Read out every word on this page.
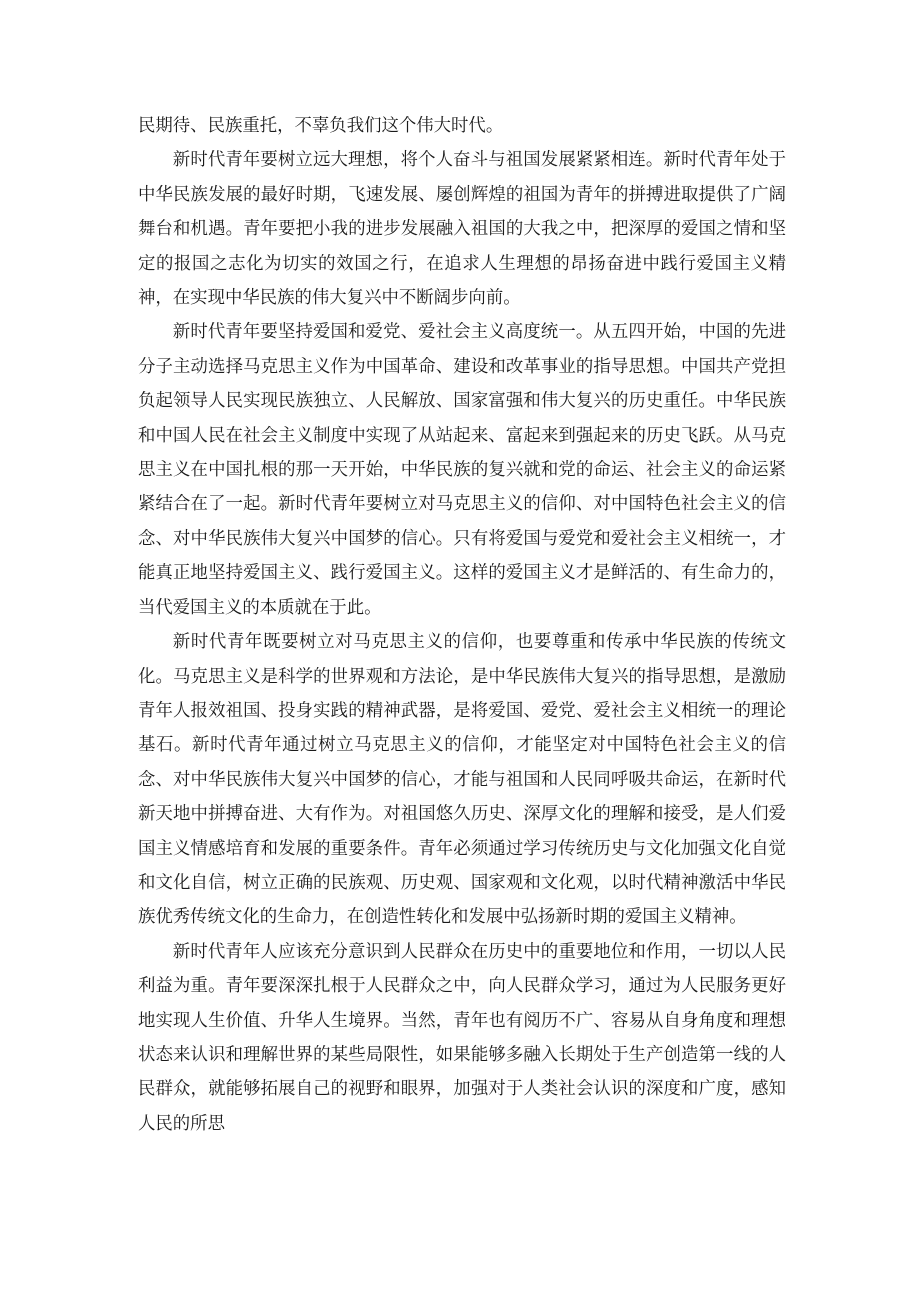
民期待、民族重托，不辜负我们这个伟大时代。

新时代青年要树立远大理想，将个人奋斗与祖国发展紧紧相连。新时代青年处于中华民族发展的最好时期，飞速发展、屡创辉煌的祖国为青年的拼搏进取提供了广阔舞台和机遇。青年要把小我的进步发展融入祖国的大我之中，把深厚的爱国之情和坚定的报国之志化为切实的效国之行，在追求人生理想的昂扬奋进中践行爱国主义精神，在实现中华民族的伟大复兴中不断阔步向前。

新时代青年要坚持爱国和爱党、爱社会主义高度统一。从五四开始，中国的先进分子主动选择马克思主义作为中国革命、建设和改革事业的指导思想。中国共产党担负起领导人民实现民族独立、人民解放、国家富强和伟大复兴的历史重任。中华民族和中国人民在社会主义制度中实现了从站起来、富起来到强起来的历史飞跃。从马克思主义在中国扎根的那一天开始，中华民族的复兴就和党的命运、社会主义的命运紧紧结合在了一起。新时代青年要树立对马克思主义的信仰、对中国特色社会主义的信念、对中华民族伟大复兴中国梦的信心。只有将爱国与爱党和爱社会主义相统一，才能真正地坚持爱国主义、践行爱国主义。这样的爱国主义才是鲜活的、有生命力的，当代爱国主义的本质就在于此。

新时代青年既要树立对马克思主义的信仰，也要尊重和传承中华民族的传统文化。马克思主义是科学的世界观和方法论，是中华民族伟大复兴的指导思想，是激励青年人报效祖国、投身实践的精神武器，是将爱国、爱党、爱社会主义相统一的理论基石。新时代青年通过树立马克思主义的信仰，才能坚定对中国特色社会主义的信念、对中华民族伟大复兴中国梦的信心，才能与祖国和人民同呼吸共命运，在新时代新天地中拼搏奋进、大有作为。对祖国悠久历史、深厚文化的理解和接受，是人们爱国主义情感培育和发展的重要条件。青年必须通过学习传统历史与文化加强文化自觉和文化自信，树立正确的民族观、历史观、国家观和文化观，以时代精神激活中华民族优秀传统文化的生命力，在创造性转化和发展中弘扬新时期的爱国主义精神。

新时代青年人应该充分意识到人民群众在历史中的重要地位和作用，一切以人民利益为重。青年要深深扎根于人民群众之中，向人民群众学习，通过为人民服务更好地实现人生价值、升华人生境界。当然，青年也有阅历不广、容易从自身角度和理想状态来认识和理解世界的某些局限性，如果能够多融入长期处于生产创造第一线的人民群众，就能够拓展自己的视野和眼界，加强对于人类社会认识的深度和广度，感知人民的所思
